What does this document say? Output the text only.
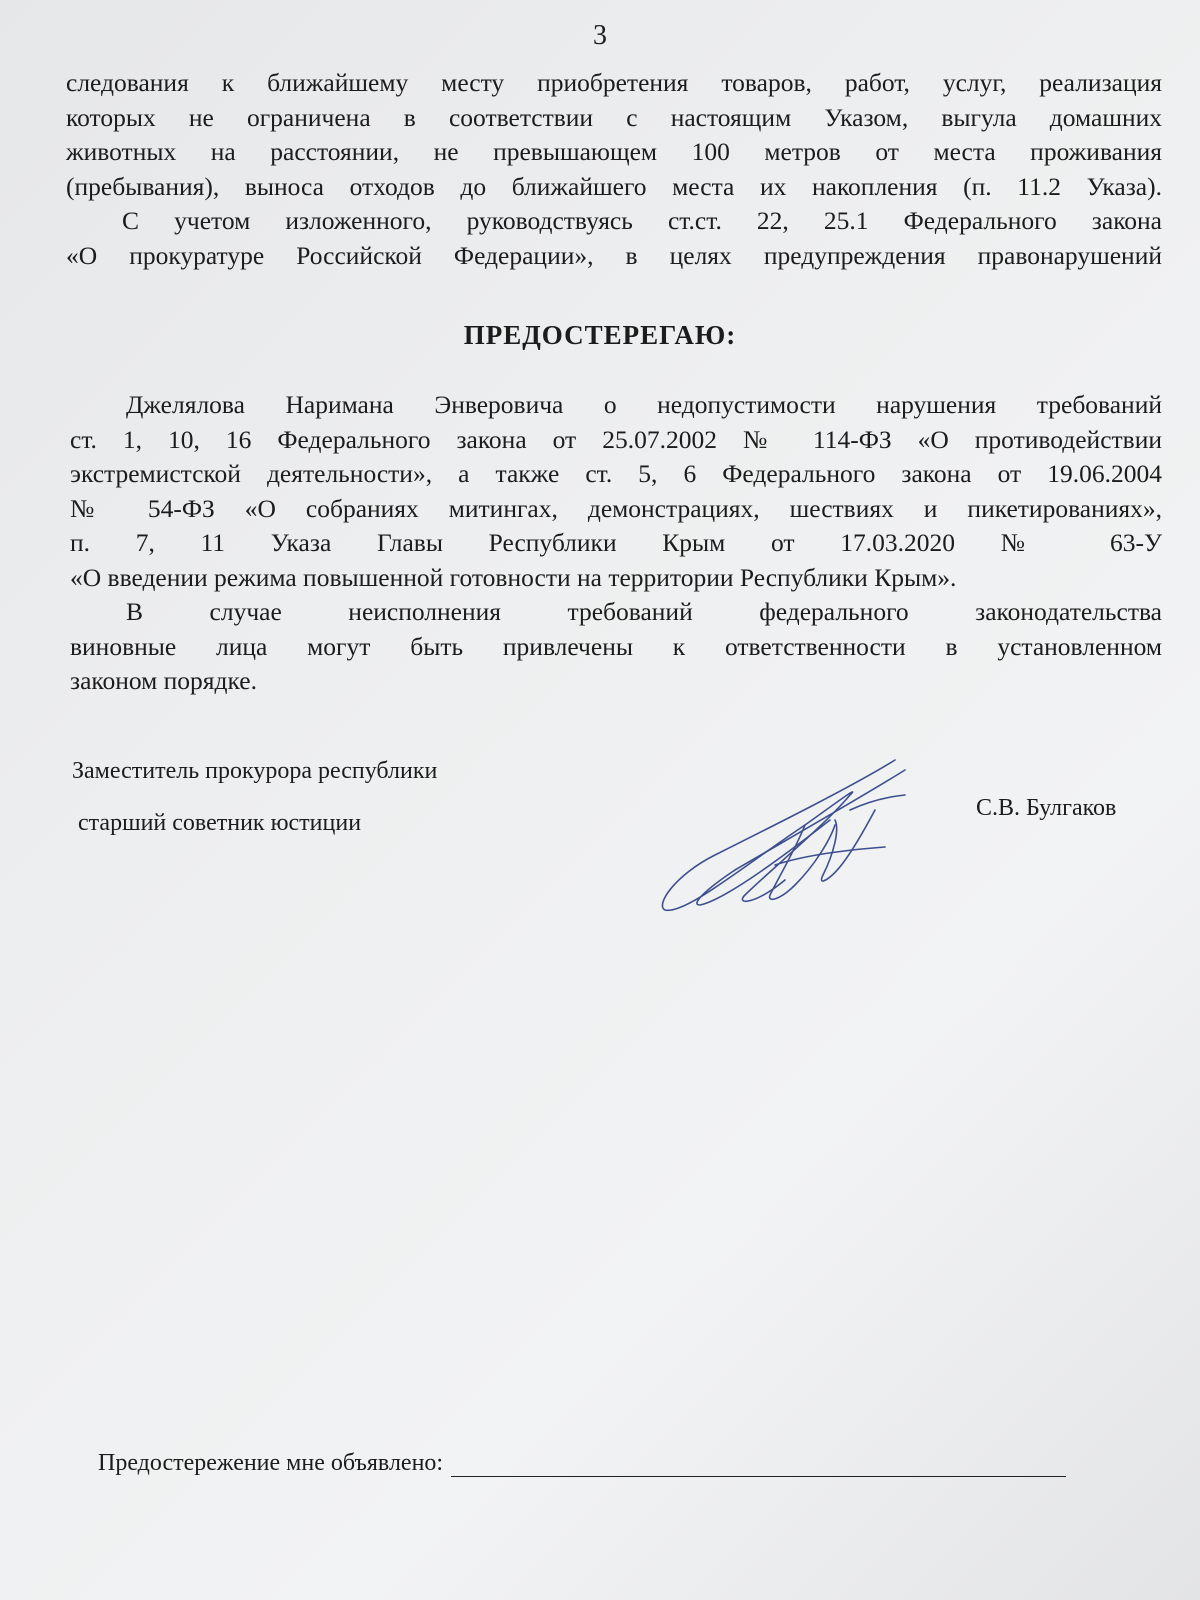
3
следования к ближайшему месту приобретения товаров, работ, услуг, реализация
которых не ограничена в соответствии с настоящим Указом, выгула домашних
животных на расстоянии, не превышающем 100 метров от места проживания
(пребывания), выноса отходов до ближайшего места их накопления (п. 11.2 Указа).
С учетом изложенного, руководствуясь ст.ст. 22, 25.1 Федерального закона
«О прокуратуре Российской Федерации», в целях предупреждения правонарушений
ПРЕДОСТЕРЕГАЮ:
Джелялова Наримана Энверовича о недопустимости нарушения требований
ст. 1, 10, 16 Федерального закона от 25.07.2002 № 114-ФЗ «О противодействии
экстремистской деятельности», а также ст. 5, 6 Федерального закона от 19.06.2004
№ 54-ФЗ «О собраниях митингах, демонстрациях, шествиях и пикетированиях»,
п. 7, 11 Указа Главы Республики Крым от 17.03.2020 № 63-У
«О введении режима повышенной готовности на территории Республики Крым».
В случае неисполнения требований федерального законодательства
виновные лица могут быть привлечены к ответственности в установленном
законом порядке.
Заместитель прокурора республики
старший советник юстиции
С.В. Булгаков
Предостережение мне объявлено:
